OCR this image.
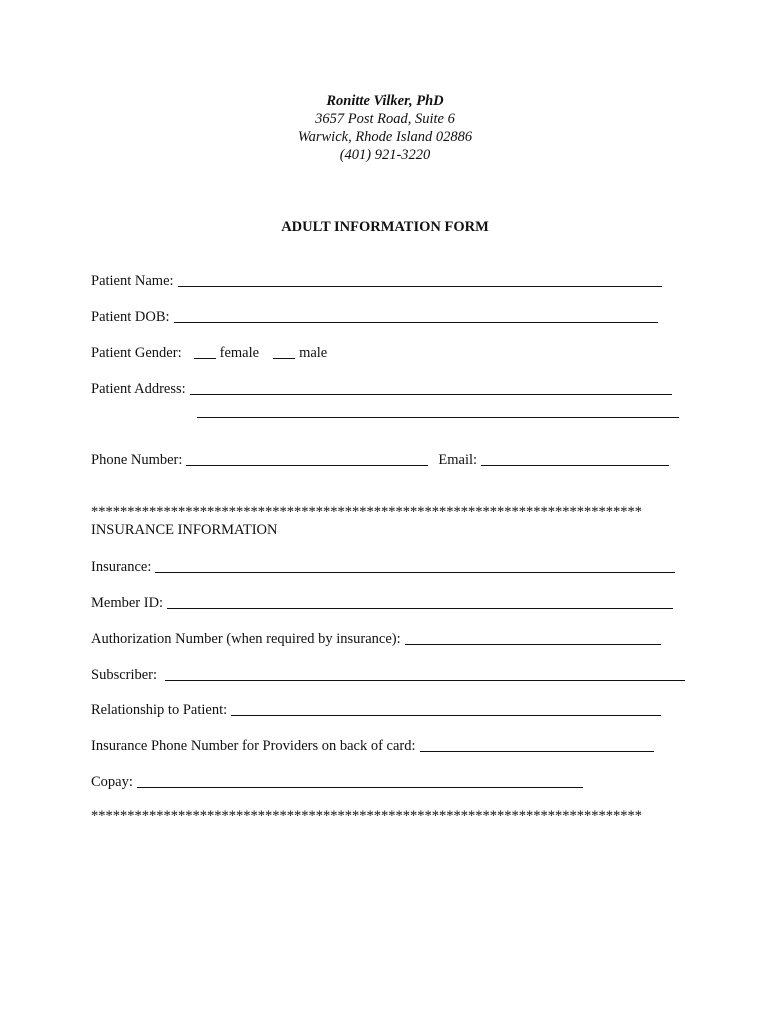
Ronitte Vilker, PhD
3657 Post Road, Suite 6
Warwick, Rhode Island 02886
(401) 921-3220
ADULT INFORMATION FORM
Patient Name:
Patient DOB:
Patient Gender:	female	male
Patient Address:
Phone Number:	Email:
****************************************************************************
INSURANCE INFORMATION
Insurance:
Member ID:
Authorization Number (when required by insurance):
Subscriber:
Relationship to Patient:
Insurance Phone Number for Providers on back of card:
Copay:
****************************************************************************
